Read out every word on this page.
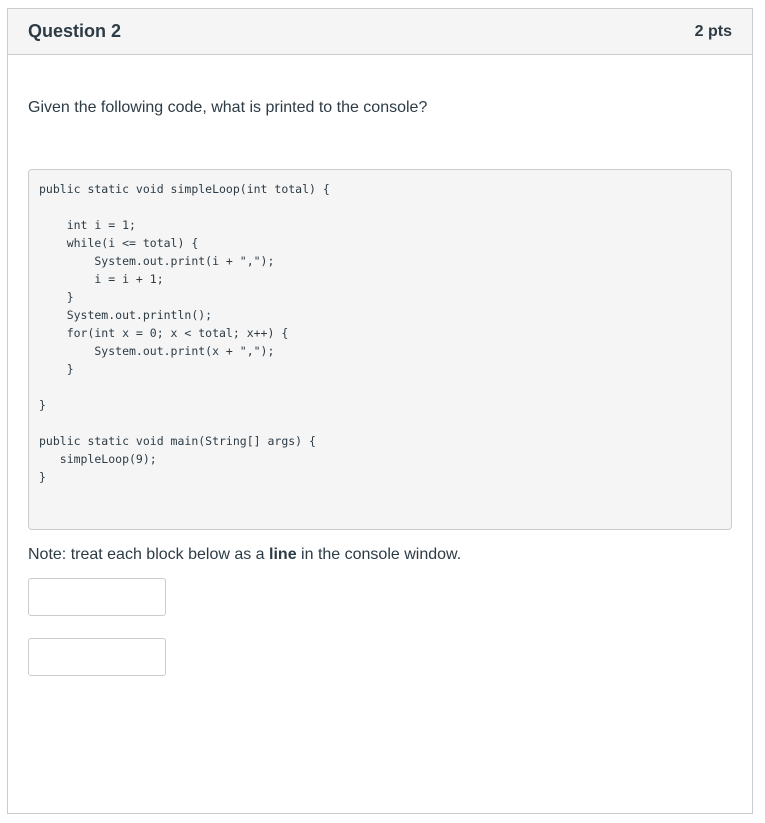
Question 2	2 pts

Given the following code, what is printed to the console?

public static void simpleLoop(int total) {

int i = 1;
while(i <= total) {
System.out.print(i + ",");
i = i + 1;
}
System.out.println();
for(int x = 0; x < total; x++) {
System.out.print(x + ",");
}

}

public static void main(String[] args) {
simpleLoop(9);
}

Note: treat each block below as a line in the console window.
